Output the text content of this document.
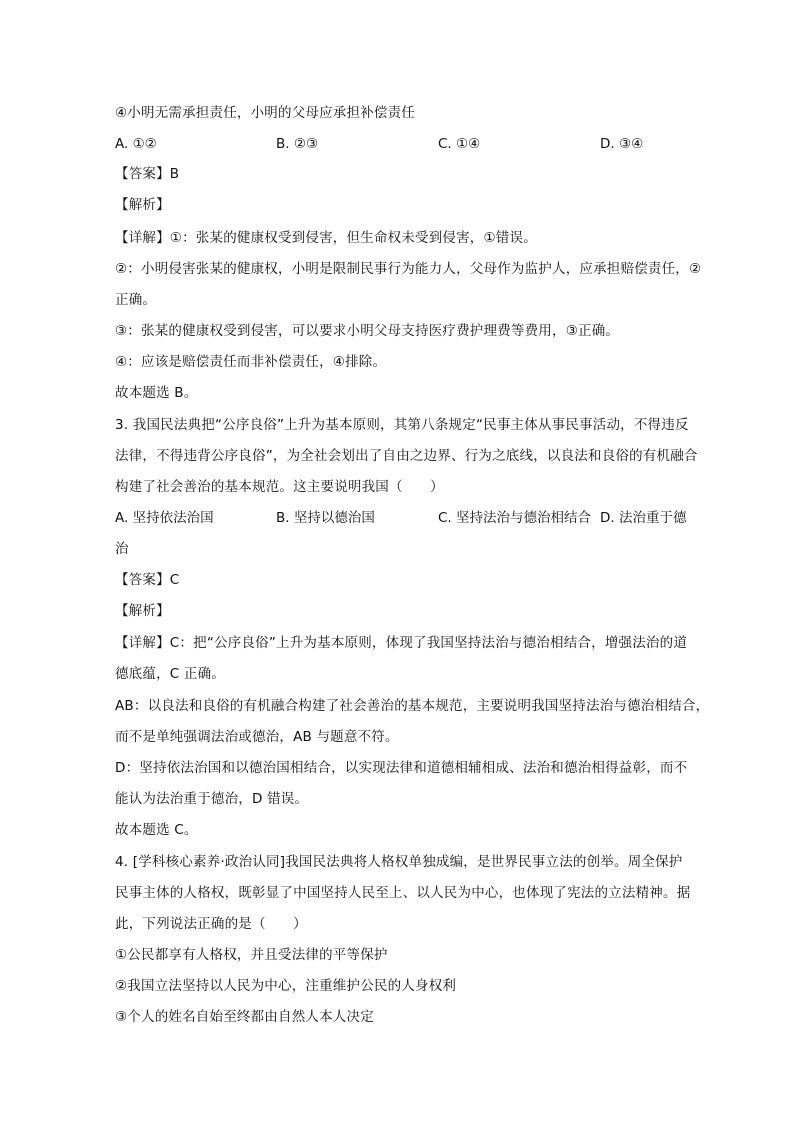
④小明无需承担责任，小明的父母应承担补偿责任
A. ①②	B. ②③	C. ①④	D. ③④
【答案】B
【解析】
【详解】①：张某的健康权受到侵害，但生命权未受到侵害，①错误。
②：小明侵害张某的健康权，小明是限制民事行为能力人，父母作为监护人，应承担赔偿责任，②
正确。
③：张某的健康权受到侵害，可以要求小明父母支持医疗费护理费等费用，③正确。
④：应该是赔偿责任而非补偿责任，④排除。
故本题选 B。
3. 我国民法典把“公序良俗”上升为基本原则，其第八条规定“民事主体从事民事活动，不得违反
法律，不得违背公序良俗”，为全社会划出了自由之边界、行为之底线，以良法和良俗的有机融合
构建了社会善治的基本规范。这主要说明我国（　　）
A. 坚持依法治国	B. 坚持以德治国	C. 坚持法治与德治相结合 D. 法治重于德
治
【答案】C
【解析】
【详解】C：把“公序良俗”上升为基本原则，体现了我国坚持法治与德治相结合，增强法治的道
德底蕴，C 正确。
AB：以良法和良俗的有机融合构建了社会善治的基本规范，主要说明我国坚持法治与德治相结合，
而不是单纯强调法治或德治，AB 与题意不符。
D：坚持依法治国和以德治国相结合，以实现法律和道德相辅相成、法治和德治相得益彰，而不
能认为法治重于德治，D 错误。
故本题选 C。
4. [学科核心素养·政治认同]我国民法典将人格权单独成编，是世界民事立法的创举。周全保护
民事主体的人格权，既彰显了中国坚持人民至上、以人民为中心，也体现了宪法的立法精神。据
此，下列说法正确的是（　　）
①公民都享有人格权，并且受法律的平等保护
②我国立法坚持以人民为中心，注重维护公民的人身权利
③个人的姓名自始至终都由自然人本人决定
